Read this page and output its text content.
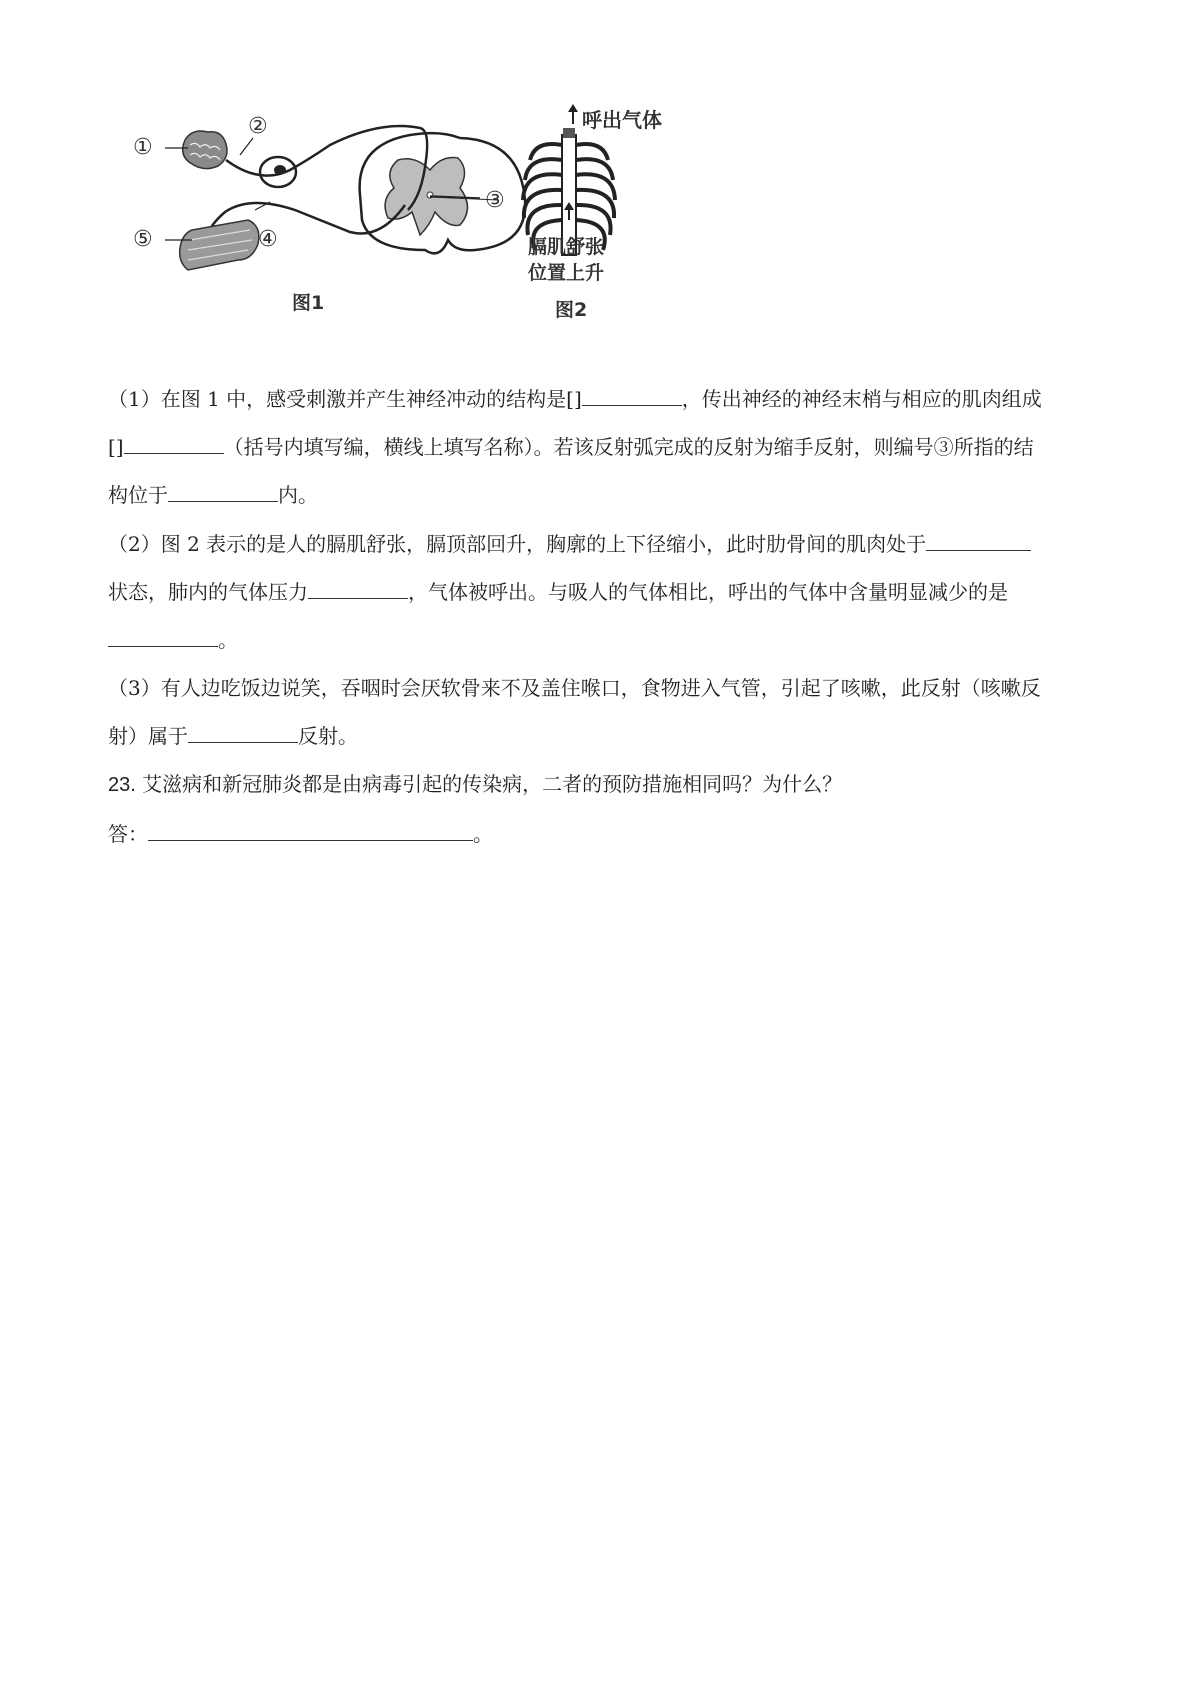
①
②
③
④
⑤
图1
呼出气体
膈肌舒张
位置上升
图2

（1）在图 1 中，感受刺激并产生神经冲动的结构是[]	，传出神经的神经末梢与相应的肌肉组成

[]	（括号内填写编，横线上填写名称）。若该反射弧完成的反射为缩手反射，则编号③所指的结

构位于	内。

（2）图 2 表示的是人的膈肌舒张，膈顶部回升，胸廓的上下径缩小，此时肋骨间的肌肉处于

状态，肺内的气体压力	，气体被呼出。与吸人的气体相比，呼出的气体中含量明显减少的是

。

（3）有人边吃饭边说笑，吞咽时会厌软骨来不及盖住喉口，食物进入气管，引起了咳嗽，此反射（咳嗽反

射）属于	反射。

23. 艾滋病和新冠肺炎都是由病毒引起的传染病，二者的预防措施相同吗？为什么？
答：	。
